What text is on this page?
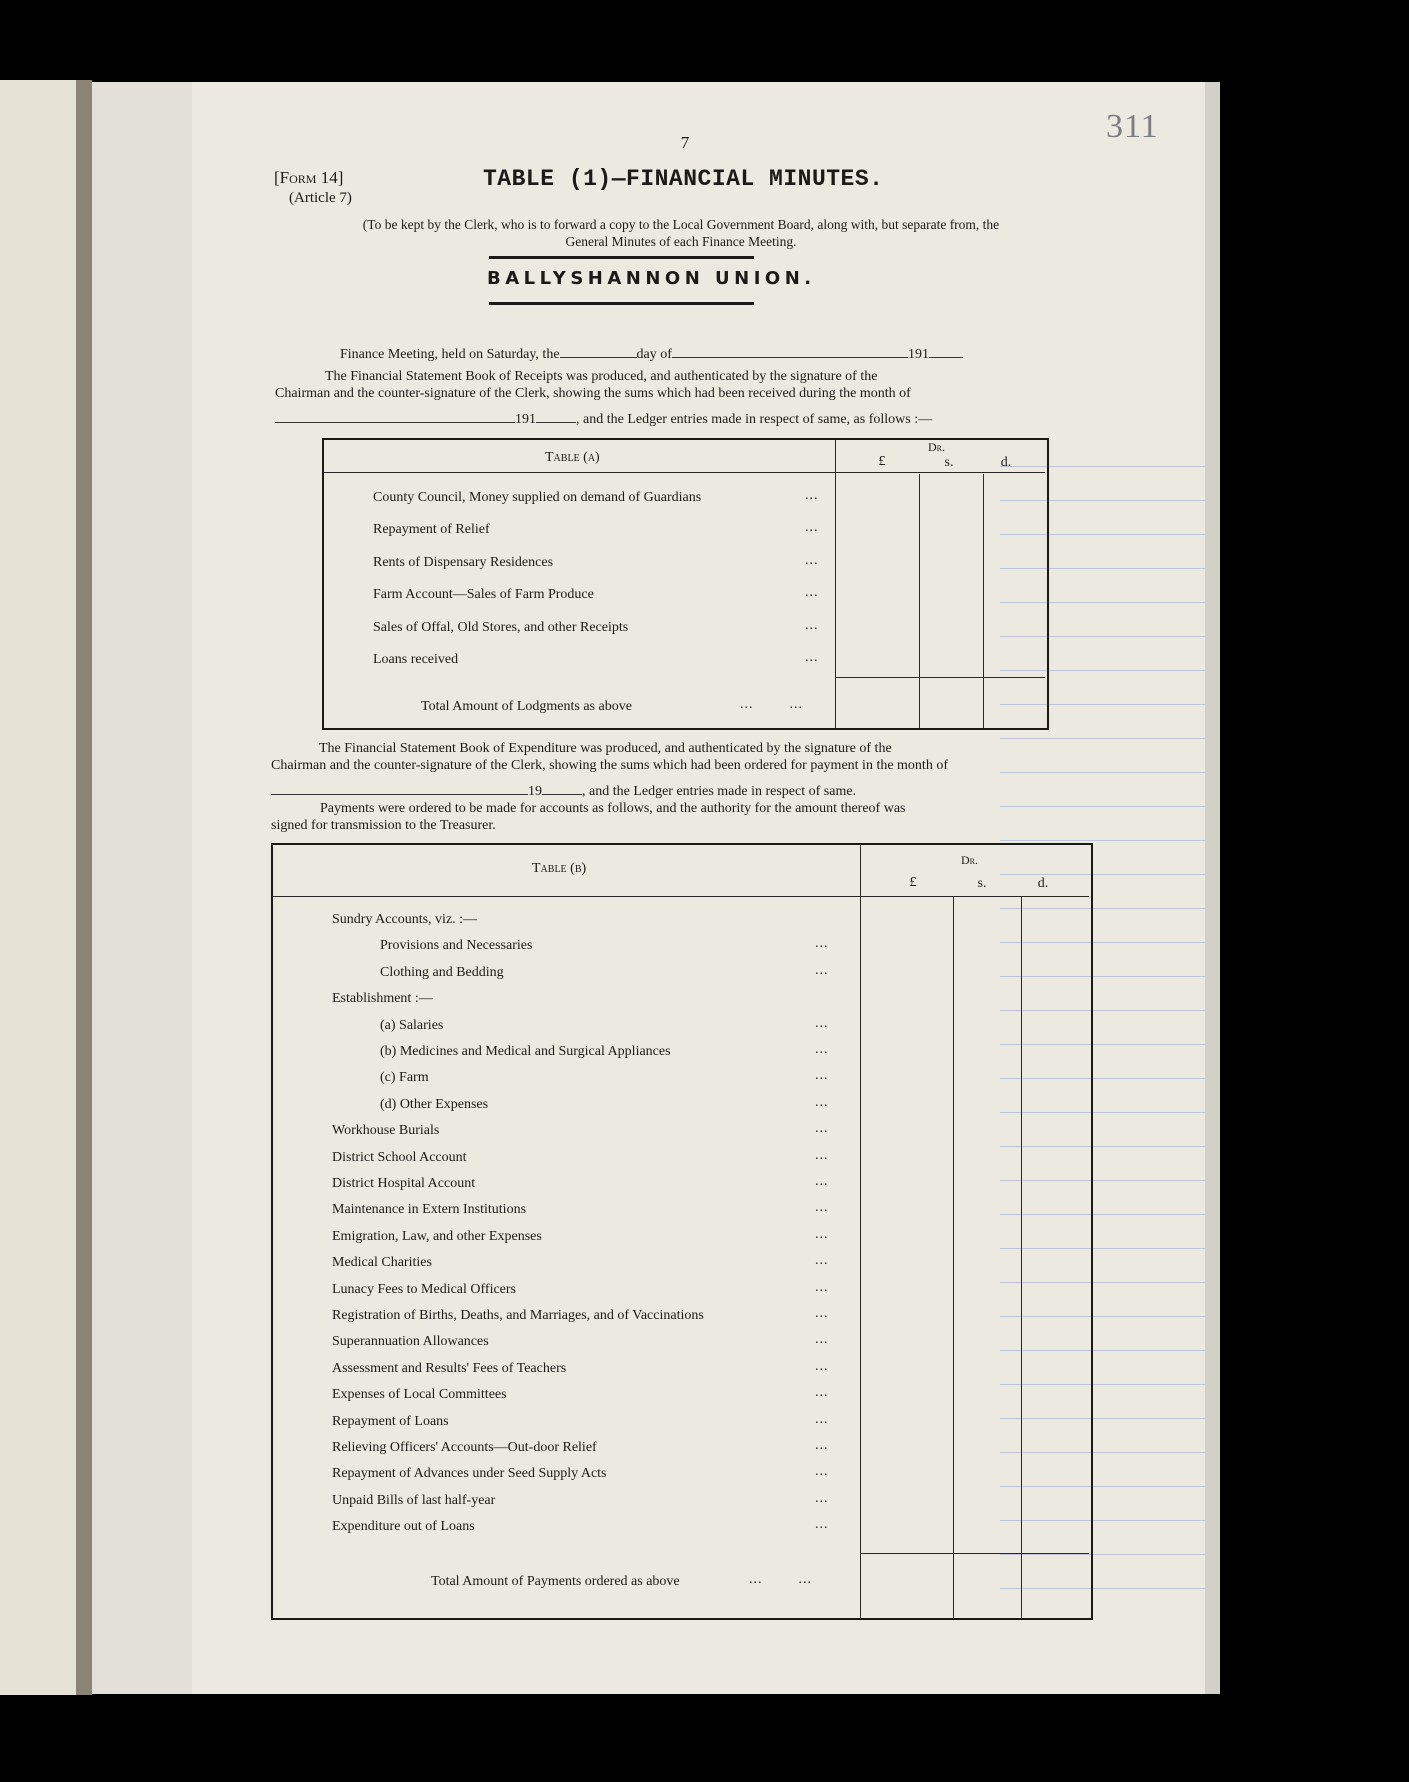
7	311
[Form 14]
(Article 7)
TABLE (1)—FINANCIAL MINUTES.
(To be kept by the Clerk, who is to forward a copy to the Local Government Board, along with, but separate from, the
General Minutes of each Finance Meeting.
BALLYSHANNON UNION.
Finance Meeting, held on Saturday, the	day of	191
The Financial Statement Book of Receipts was produced, and authenticated by the signature of the
Chairman and the counter-signature of the Clerk, showing the sums which had been received during the month of
191	, and the Ledger entries made in respect of same, as follows :—
Table (a)
Dr.
£	s.	d.
County Council, Money supplied on demand of Guardians	...
Repayment of Relief	...
Rents of Dispensary Residences	...
Farm Account—Sales of Farm Produce	...
Sales of Offal, Old Stores, and other Receipts	...
Loans received	...
Total Amount of Lodgments as above	...        ...
The Financial Statement Book of Expenditure was produced, and authenticated by the signature of the
Chairman and the counter-signature of the Clerk, showing the sums which had been ordered for payment in the month of
19	, and the Ledger entries made in respect of same.
Payments were ordered to be made for accounts as follows, and the authority for the amount thereof was
signed for transmission to the Treasurer.
Table (b)
Dr.
£	s.	d.
Sundry Accounts, viz. :—
Provisions and Necessaries	...
Clothing and Bedding	...
Establishment :—
(a) Salaries	...
(b) Medicines and Medical and Surgical Appliances	...
(c) Farm	...
(d) Other Expenses	...
Workhouse Burials	...
District School Account	...
District Hospital Account	...
Maintenance in Extern Institutions	...
Emigration, Law, and other Expenses	...
Medical Charities	...
Lunacy Fees to Medical Officers	...
Registration of Births, Deaths, and Marriages, and of Vaccinations	...
Superannuation Allowances	...
Assessment and Results' Fees of Teachers	...
Expenses of Local Committees	...
Repayment of Loans	...
Relieving Officers' Accounts—Out-door Relief	...
Repayment of Advances under Seed Supply Acts	...
Unpaid Bills of last half-year	...
Expenditure out of Loans	...
Total Amount of Payments ordered as above	...        ...
